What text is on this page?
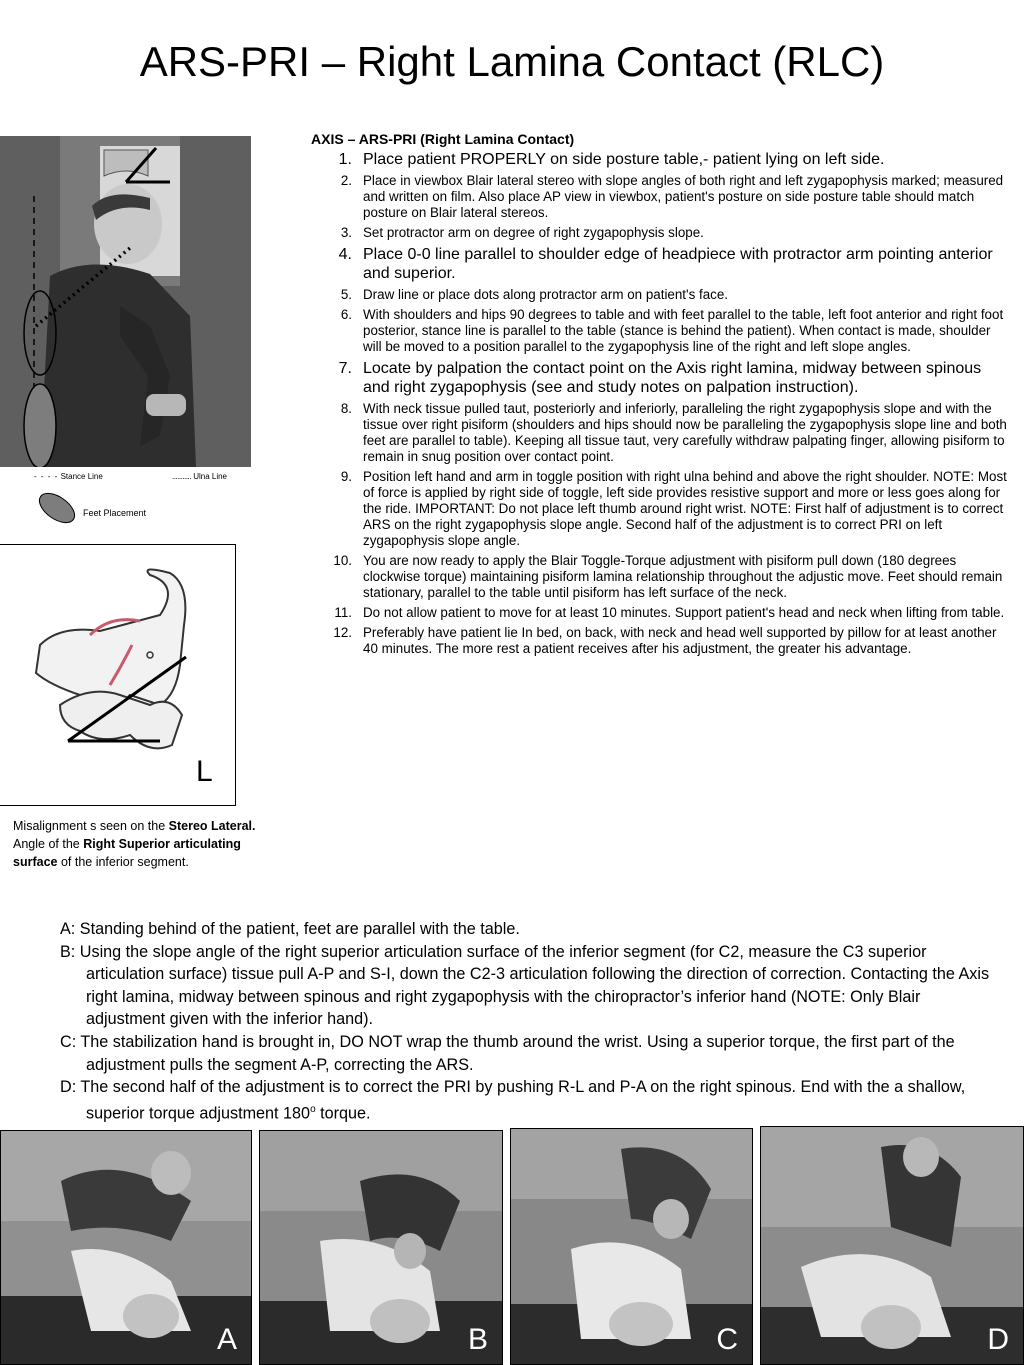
ARS-PRI – Right Lamina Contact (RLC)
- - - - Stance Line	........... Ulna Line
Feet Placement
L
Misalignment s seen on the Stereo Lateral.
Angle of the Right Superior articulating surface of the inferior segment.
AXIS – ARS-PRI (Right Lamina Contact)
1. Place patient PROPERLY on side posture table,- patient lying on left side.
2. Place in viewbox Blair lateral stereo with slope angles of both right and left zygapophysis marked; measured and written on film. Also place AP view in viewbox, patient's posture on side posture table should match posture on Blair lateral stereos.
3. Set protractor arm on degree of right zygapophysis slope.
4. Place 0-0 line parallel to shoulder edge of headpiece with protractor arm pointing anterior and superior.
5. Draw line or place dots along protractor arm on patient's face.
6. With shoulders and hips 90 degrees to table and with feet parallel to the table, left foot anterior and right foot posterior, stance line is parallel to the table (stance is behind the patient). When contact is made, shoulder will be moved to a position parallel to the zygapophysis line of the right and left slope angles.
7. Locate by palpation the contact point on the Axis right lamina, midway between spinous and right zygapophysis (see and study notes on palpation instruction).
8. With neck tissue pulled taut, posteriorly and inferiorly, paralleling the right zygapophysis slope and with the tissue over right pisiform (shoulders and hips should now be paralleling the zygapophysis slope line and both feet are parallel to table). Keeping all tissue taut, very carefully withdraw palpating finger, allowing pisiform to remain in snug position over contact point.
9. Position left hand and arm in toggle position with right ulna behind and above the right shoulder. NOTE: Most of force is applied by right side of toggle, left side provides resistive support and more or less goes along for the ride. IMPORTANT: Do not place left thumb around right wrist. NOTE: First half of adjustment is to correct ARS on the right zygapophysis slope angle. Second half of the adjustment is to correct PRI on left zygapophysis slope angle.
10. You are now ready to apply the Blair Toggle-Torque adjustment with pisiform pull down (180 degrees clockwise torque) maintaining pisiform lamina relationship throughout the adjustic move. Feet should remain stationary, parallel to the table until pisiform has left surface of the neck.
11. Do not allow patient to move for at least 10 minutes. Support patient's head and neck when lifting from table.
12. Preferably have patient lie In bed, on back, with neck and head well supported by pillow for at least another 40 minutes. The more rest a patient receives after his adjustment, the greater his advantage.

A: Standing behind of the patient, feet are parallel with the table.

B: Using the slope angle of the right superior articulation surface of the inferior segment (for C2, measure the C3 superior articulation surface) tissue pull A-P and S-I, down the C2-3 articulation following the direction of correction. Contacting the Axis right lamina, midway between spinous and right zygapophysis with the chiropractor’s inferior hand (NOTE: Only Blair adjustment given with the inferior hand).

C: The stabilization hand is brought in, DO NOT wrap the thumb around the wrist. Using a superior torque, the first part of the adjustment pulls the segment A-P, correcting the ARS.

D: The second half of the adjustment is to correct the PRI by pushing R-L and P-A on the right spinous. End with the a shallow, superior torque adjustment 180$^o$ torque.

A	B	C	D
